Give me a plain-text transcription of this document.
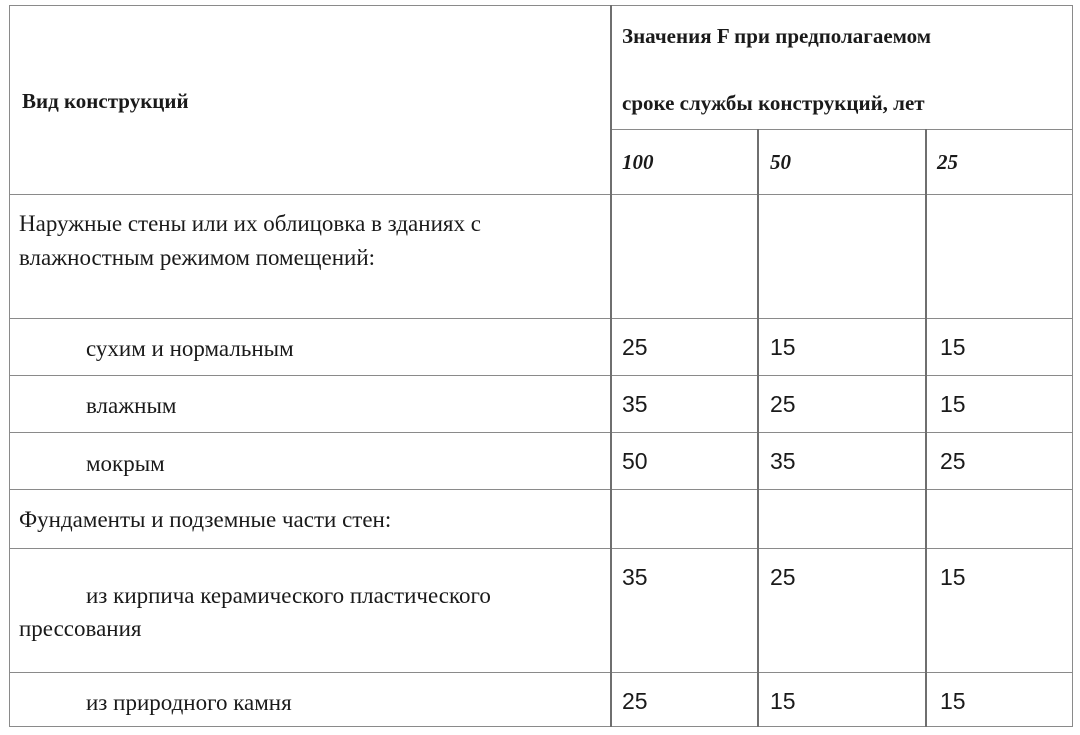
Вид конструкций
Значения F при предполагаемом
сроке службы конструкций, лет
100	50	25
Наружные стены или их облицовка в зданиях с
влажностным режимом помещений:
сухим и нормальным	25	15	15
влажным	35	25	15
мокрым	50	35	25
Фундаменты и подземные части стен:
из кирпича керамического пластического
прессования
35	25	15
из природного камня	25	15	15
